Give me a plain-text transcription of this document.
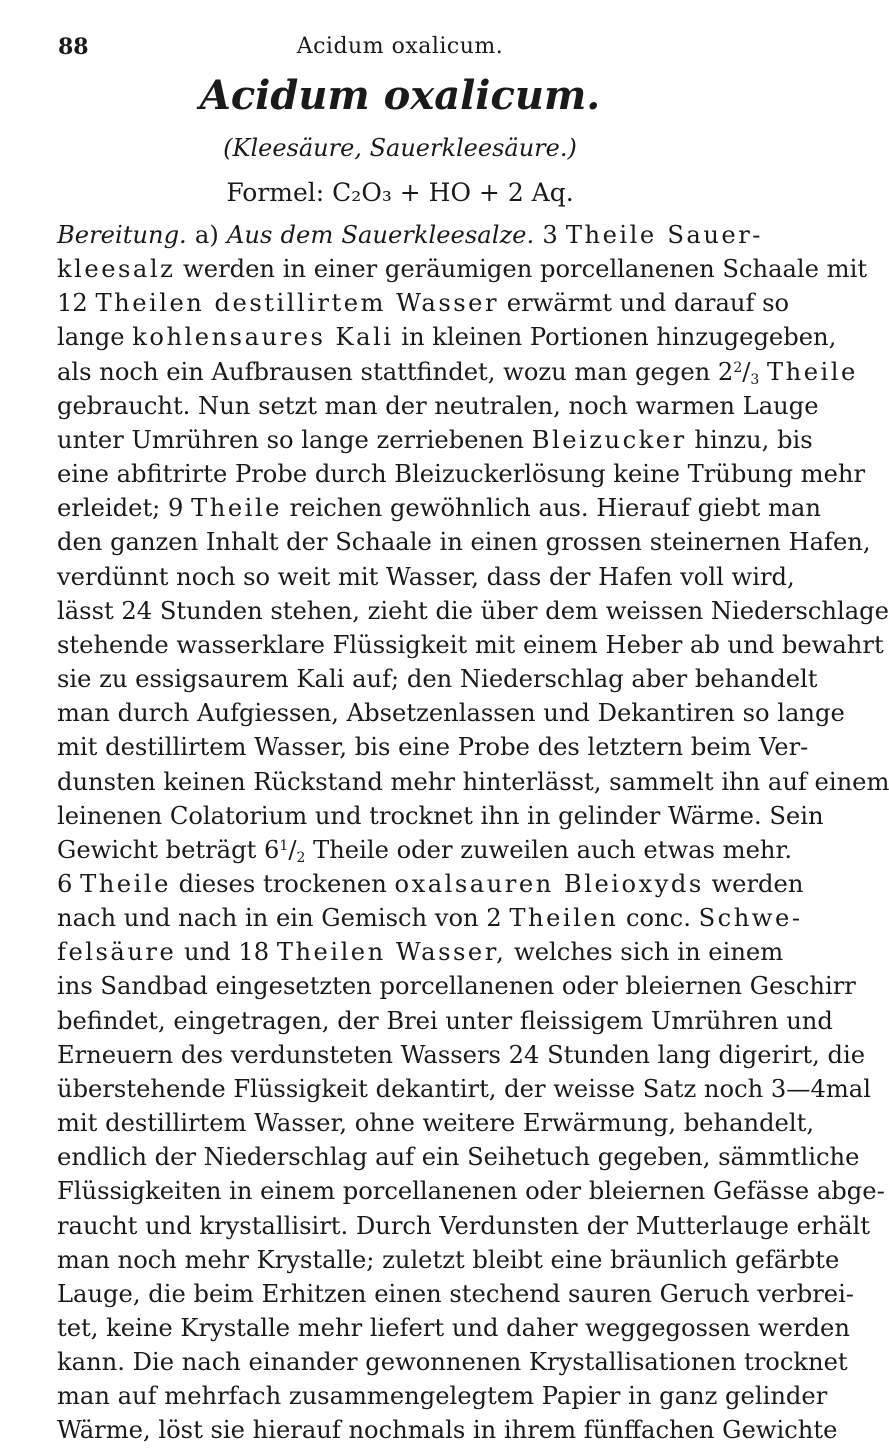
88	Acidum oxalicum.
Acidum oxalicum.
(Kleesäure, Sauerkleesäure.)
Formel: C₂O₃ + HO + 2 Aq.
Bereitung. a) Aus dem Sauerkleesalze. 3 Theile Sauer-
kleesalz werden in einer geräumigen porcellanenen Schaale mit
12 Theilen destillirtem Wasser erwärmt und darauf so
lange kohlensaures Kali in kleinen Portionen hinzugegeben,
als noch ein Aufbrausen stattfindet, wozu man gegen $2^2/_3$ Theile
gebraucht. Nun setzt man der neutralen, noch warmen Lauge
unter Umrühren so lange zerriebenen Bleizucker hinzu, bis
eine abfitrirte Probe durch Bleizuckerlösung keine Trübung mehr
erleidet; 9 Theile reichen gewöhnlich aus. Hierauf giebt man
den ganzen Inhalt der Schaale in einen grossen steinernen Hafen,
verdünnt noch so weit mit Wasser, dass der Hafen voll wird,
lässt 24 Stunden stehen, zieht die über dem weissen Niederschlage
stehende wasserklare Flüssigkeit mit einem Heber ab und bewahrt
sie zu essigsaurem Kali auf; den Niederschlag aber behandelt
man durch Aufgiessen, Absetzenlassen und Dekantiren so lange
mit destillirtem Wasser, bis eine Probe des letztern beim Ver-
dunsten keinen Rückstand mehr hinterlässt, sammelt ihn auf einem
leinenen Colatorium und trocknet ihn in gelinder Wärme. Sein
Gewicht beträgt $6^1/_2$ Theile oder zuweilen auch etwas mehr.
6 Theile dieses trockenen oxalsauren Bleioxyds werden
nach und nach in ein Gemisch von 2 Theilen conc. Schwe-
felsäure und 18 Theilen Wasser, welches sich in einem
ins Sandbad eingesetzten porcellanenen oder bleiernen Geschirr
befindet, eingetragen, der Brei unter fleissigem Umrühren und
Erneuern des verdunsteten Wassers 24 Stunden lang digerirt, die
überstehende Flüssigkeit dekantirt, der weisse Satz noch 3—4mal
mit destillirtem Wasser, ohne weitere Erwärmung, behandelt,
endlich der Niederschlag auf ein Seihetuch gegeben, sämmtliche
Flüssigkeiten in einem porcellanenen oder bleiernen Gefässe abge-
raucht und krystallisirt. Durch Verdunsten der Mutterlauge erhält
man noch mehr Krystalle; zuletzt bleibt eine bräunlich gefärbte
Lauge, die beim Erhitzen einen stechend sauren Geruch verbrei-
tet, keine Krystalle mehr liefert und daher weggegossen werden
kann. Die nach einander gewonnenen Krystallisationen trocknet
man auf mehrfach zusammengelegtem Papier in ganz gelinder
Wärme, löst sie hierauf nochmals in ihrem fünffachen Gewichte
